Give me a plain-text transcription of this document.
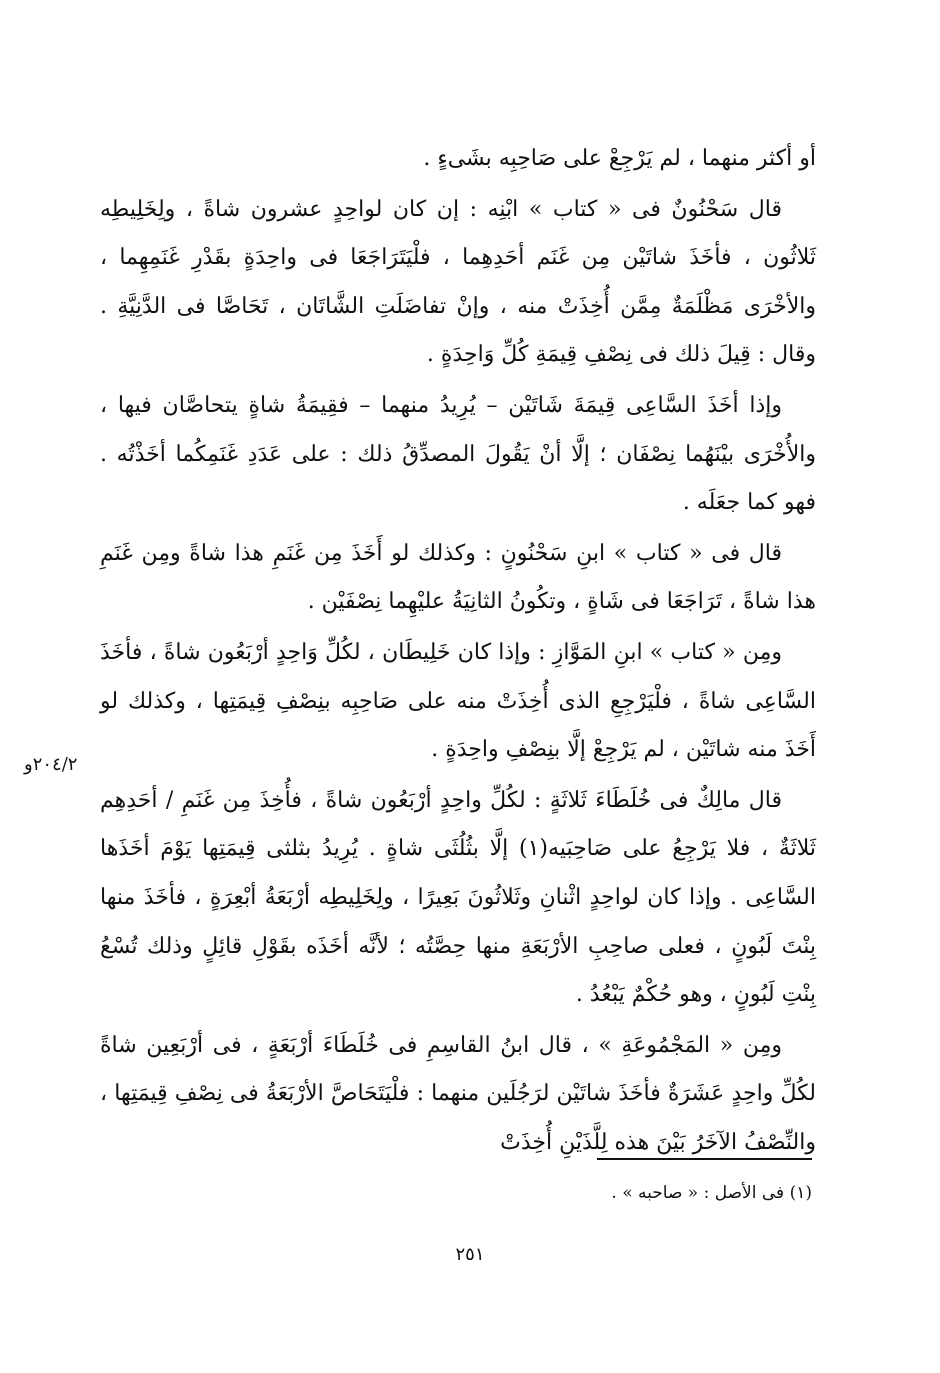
أو أكثر منهما ، لم يَرْجِعْ على صَاحِبِه بشَىءٍ .

قال سَحْنُونٌ فى « كتاب » ابْنِه : إن كان لواحِدٍ عشرون شاةً ، ولِخَلِيطِه ثَلاثُون ، فأخَذَ شاتَيْن مِن غَنَم أحَدِهِما ، فلْيَتَرَاجَعَا فى واحِدَةٍ بقَدْرِ غَنَمِهِما ، والأخْرَى مَظْلَمَةٌ مِمَّن أُخِذَتْ منه ، وإنْ تفاضَلَتِ الشَّاتَان ، تَحَاصَّا فى الدَّنِيَّةِ . وقال : قِيلَ ذلك فى نِصْفِ قِيمَةِ كُلِّ وَاحِدَةٍ .

وإذا أخَذَ السَّاعِى قِيمَةَ شَاتَيْن – يُرِيدُ منهما – فقِيمَةُ شاةٍ يتحاصَّان فيها ، والأُخْرَى بيْنَهُما نِصْفَان ؛ إلَّا أنْ يَقُولَ المصدِّقُ ذلك : على عَدَدِ غَنَمِكُما أخَذْتُه . فهو كما جعَلَه .

قال فى « كتاب » ابنِ سَحْنُونٍ : وكذلك لو أَخَذَ مِن غَنَمِ هذا شاةً ومِن غَنَمِ هذا شاةً ، تَرَاجَعَا فى شَاةٍ ، وتكُونُ الثانِيَةُ عليْهِما نِصْفَيْن .

ومِن « كتاب » ابنِ المَوَّازِ : وإذا كان خَلِيطَان ، لكُلِّ وَاحِدٍ أرْبَعُون شاةً ، فأخَذَ السَّاعِى شاةً ، فلْيَرْجِعِ الذى أُخِذَتْ منه على صَاحِبِه بنِصْفِ قِيمَتِها ، وكذلك لو أَخَذَ منه شاتَيْن ، لم يَرْجِعْ إلَّا بنِصْفِ واحِدَةٍ .

قال مالِكٌ فى خُلَطَاءَ ثَلاثَةٍ : لكُلِّ واحِدٍ أرْبَعُون شاةً ، فأُخِذَ مِن غَنَمِ / أحَدِهِم ثَلاثَةٌ ، فلا يَرْجِعُ على صَاحِبَيه(١) إلَّا بثُلُثَى شاةٍ . يُرِيدُ بثلثى قِيمَتِها يَوْمَ أخَذَها السَّاعِى . وإذا كان لواحِدٍ اثْنانِ وثَلاثُونَ بَعِيرًا ، ولِخَلِيطِه أرْبَعَةُ أبْعِرَةٍ ، فأخَذَ منها بِنْتَ لَبُونٍ ، فعلى صاحِبِ الأرْبَعَةِ منها حِصَّتُه ؛ لأنَّه أخَذَه بقَوْلِ قائِلٍ وذلك تُسْعُ بِنْتِ لَبُونٍ ، وهو حُكْمٌ يَبْعُدُ .

ومِن « المَجْمُوعَةِ » ، قال ابنُ القاسِمِ فى خُلَطَاءَ أرْبَعَةٍ ، فى أرْبَعِين شاةً لكُلِّ واحِدٍ عَشَرَةٌ فأخَذَ شاتَيْن لرَجُلَين منهما : فلْيَتَحَاصَّ الأرْبَعَةُ فى نِصْفِ قِيمَتِها ، والنِّصْفُ الآخَرُ بَيْنَ هذه لِلَّذَيْنِ أُخِذَتْ

٢٠٤/٢و
(١) فى الأصل : « صاحبه » .
٢٥١
